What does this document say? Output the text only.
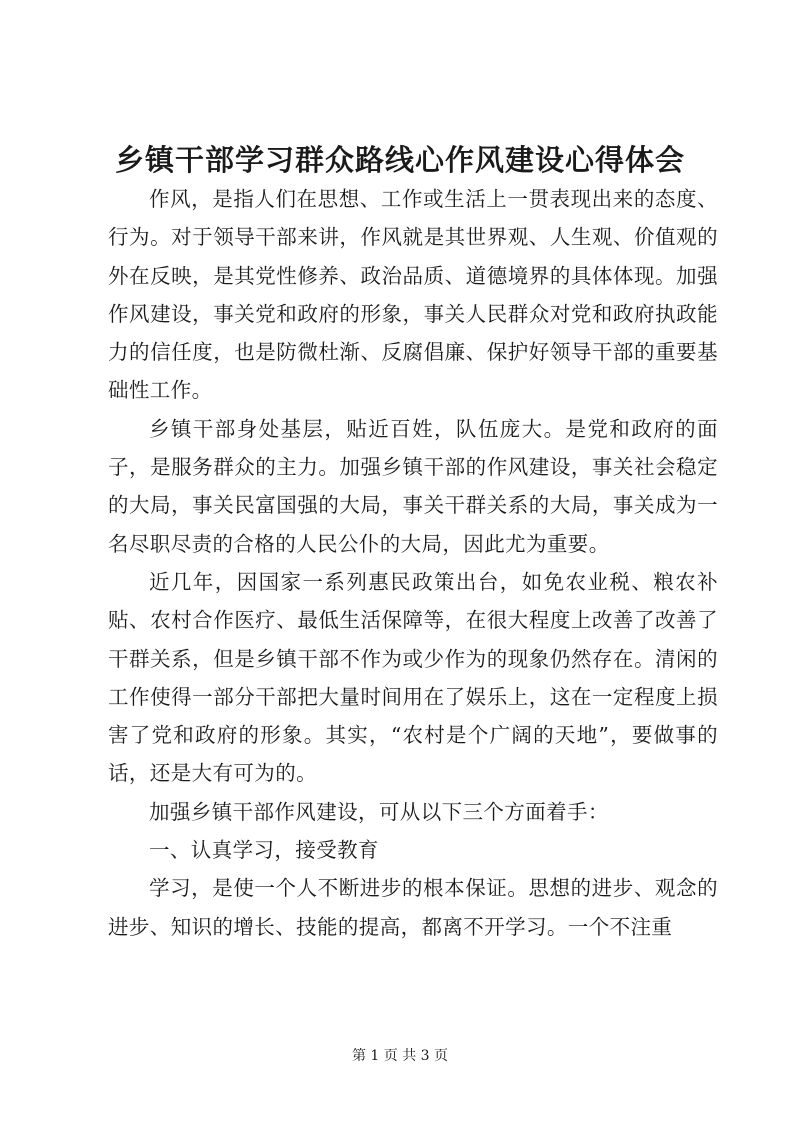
乡镇干部学习群众路线心作风建设心得体会

作风，是指人们在思想、工作或生活上一贯表现出来的态度、行为。对于领导干部来讲，作风就是其世界观、人生观、价值观的外在反映，是其党性修养、政治品质、道德境界的具体体现。加强作风建设，事关党和政府的形象，事关人民群众对党和政府执政能力的信任度，也是防微杜渐、反腐倡廉、保护好领导干部的重要基础性工作。

乡镇干部身处基层，贴近百姓，队伍庞大。是党和政府的面子，是服务群众的主力。加强乡镇干部的作风建设，事关社会稳定的大局，事关民富国强的大局，事关干群关系的大局，事关成为一名尽职尽责的合格的人民公仆的大局，因此尤为重要。

近几年，因国家一系列惠民政策出台，如免农业税、粮农补贴、农村合作医疗、最低生活保障等，在很大程度上改善了改善了干群关系，但是乡镇干部不作为或少作为的现象仍然存在。清闲的工作使得一部分干部把大量时间用在了娱乐上，这在一定程度上损害了党和政府的形象。其实，“农村是个广阔的天地”，要做事的话，还是大有可为的。

加强乡镇干部作风建设，可从以下三个方面着手：

一、认真学习，接受教育

学习，是使一个人不断进步的根本保证。思想的进步、观念的进步、知识的增长、技能的提高，都离不开学习。一个不注重

第 1 页 共 3 页
